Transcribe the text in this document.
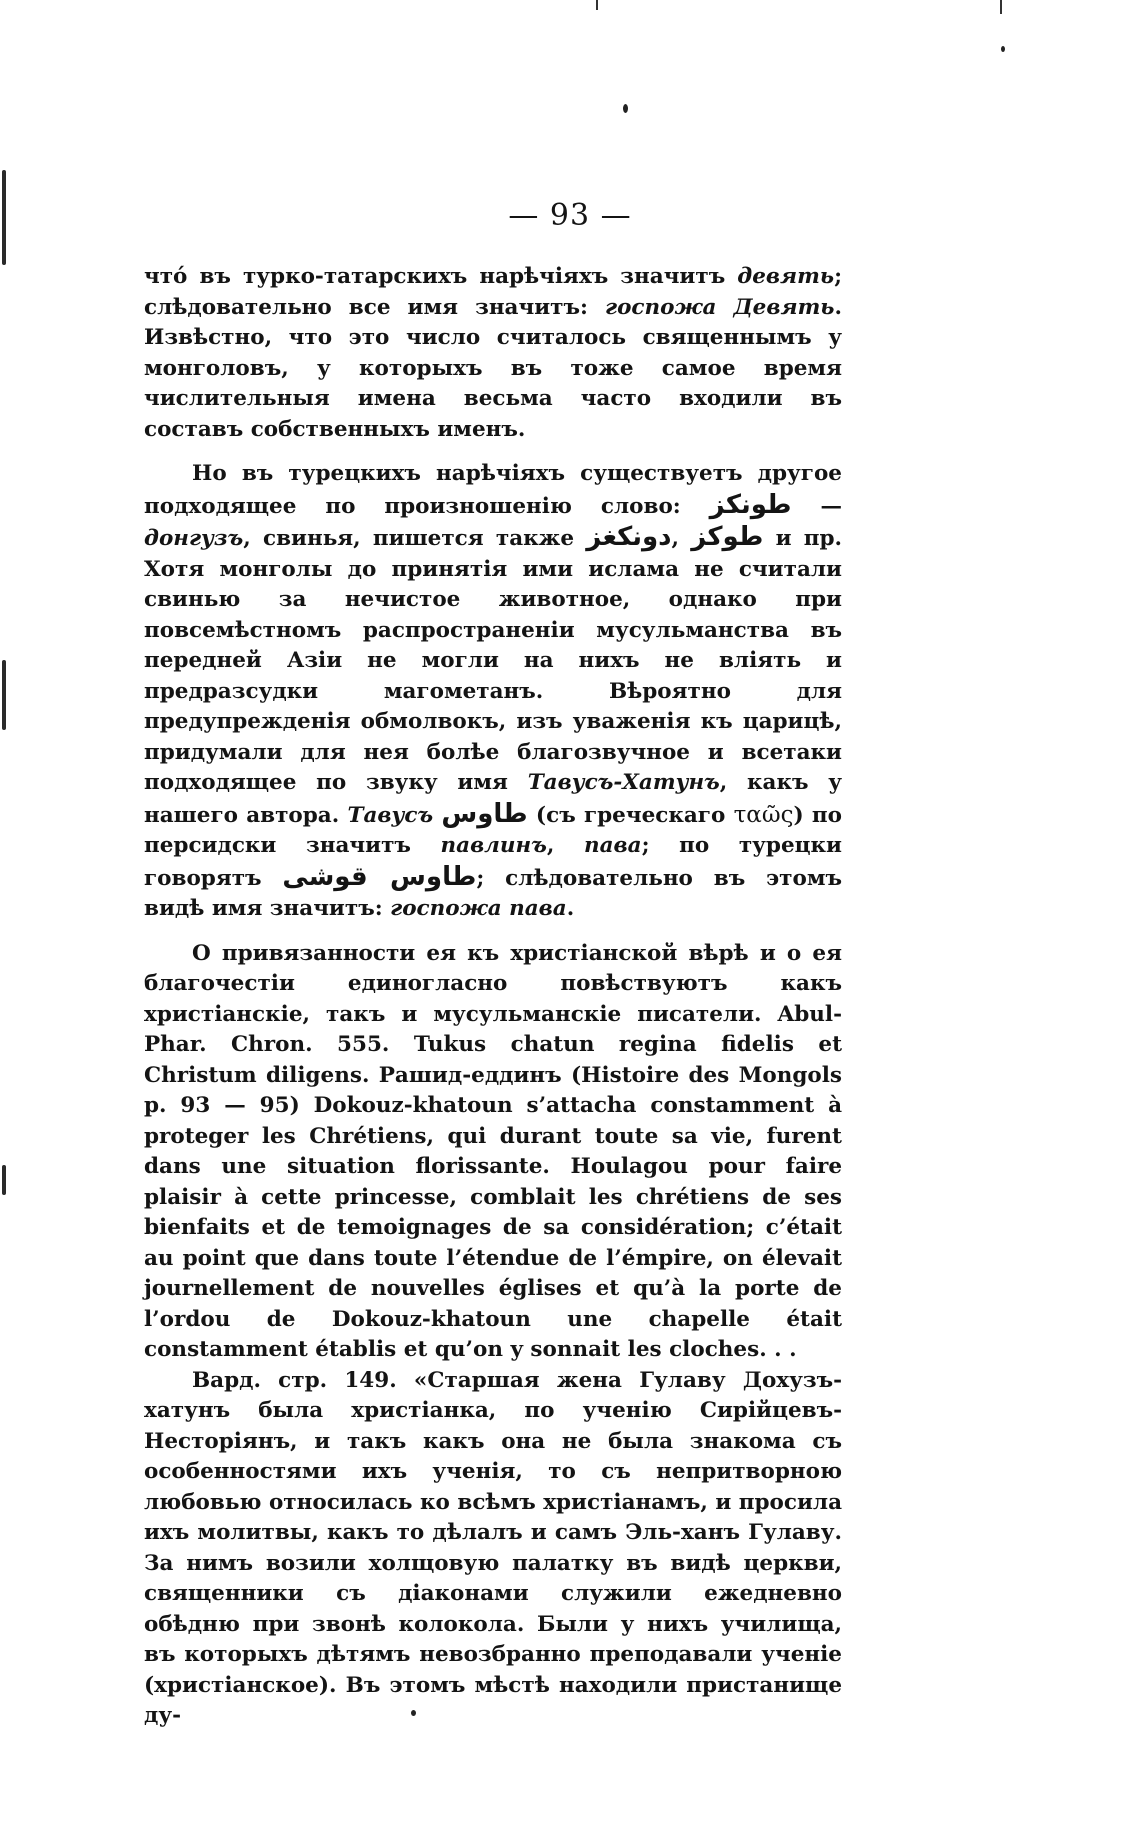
— 93 —

чтó въ турко-татарскихъ нарѣчіяхъ значитъ девять; слѣдовательно все имя значитъ: госпожа Девять. Извѣстно, что это число считалось священнымъ у монголовъ, у которыхъ въ тоже самое время числительныя имена весьма часто входили въ составъ собственныхъ именъ.

Но въ турецкихъ нарѣчіяхъ существуетъ другое подходящее по произношенію слово: طونكز — донгузъ, свинья, пишется также دونكغز, طوكز и пр. Хотя монголы до принятія ими ислама не считали свинью за нечистое животное, однако при повсемѣстномъ распространеніи мусульманства въ передней Азіи не могли на нихъ не вліять и предразсудки магометанъ. Вѣроятно для предупрежденія обмолвокъ, изъ уваженія къ царицѣ, придумали для нея болѣе благозвучное и всетаки подходящее по звуку имя Тавусъ-Хатунъ, какъ у нашего автора. Тавусъ طاوس (съ греческаго ταῶς) по персидски значитъ павлинъ, пава; по турецки говорятъ طاوس قوشى; слѣдовательно въ этомъ видѣ имя значитъ: госпожа пава.

О привязанности ея къ христіанской вѣрѣ и о ея благочестіи единогласно повѣствуютъ какъ христіанскіе, такъ и мусульманскіе писатели. Abul-Phar. Chron. 555. Tukus chatun regina fidelis et Christum diligens. Рашид-еддинъ (Histoire des Mongols p. 93 — 95) Dokouz-khatoun s’attacha constamment à proteger les Chrétiens, qui durant toute sa vie, furent dans une situation florissante. Houlagou pour faire plaisir à cette princesse, comblait les chrétiens de ses bienfaits et de temoignages de sa considération; c’était au point que dans toute l’étendue de l’émpire, on élevait journellement de nouvelles églises et qu’à la porte de l’ordou de Dokouz-khatoun une chapelle était constamment établis et qu’on y sonnait les cloches. . .

Вард. стр. 149. «Старшая жена Гулаву Дохузъ-хатунъ была христіанка, по ученію Сирійцевъ-Несторіянъ, и такъ какъ она не была знакома съ особенностями ихъ ученія, то съ непритворною любовью относилась ко всѣмъ христіанамъ, и просила ихъ молитвы, какъ то дѣлалъ и самъ Эль-ханъ Гулаву. За нимъ возили холщовую палатку въ видѣ церкви, священники съ діаконами служили ежедневно обѣдню при звонѣ колокола. Были у нихъ училища, въ которыхъ дѣтямъ невозбранно преподавали ученіе (христіанское). Въ этомъ мѣстѣ находили пристанище ду-
